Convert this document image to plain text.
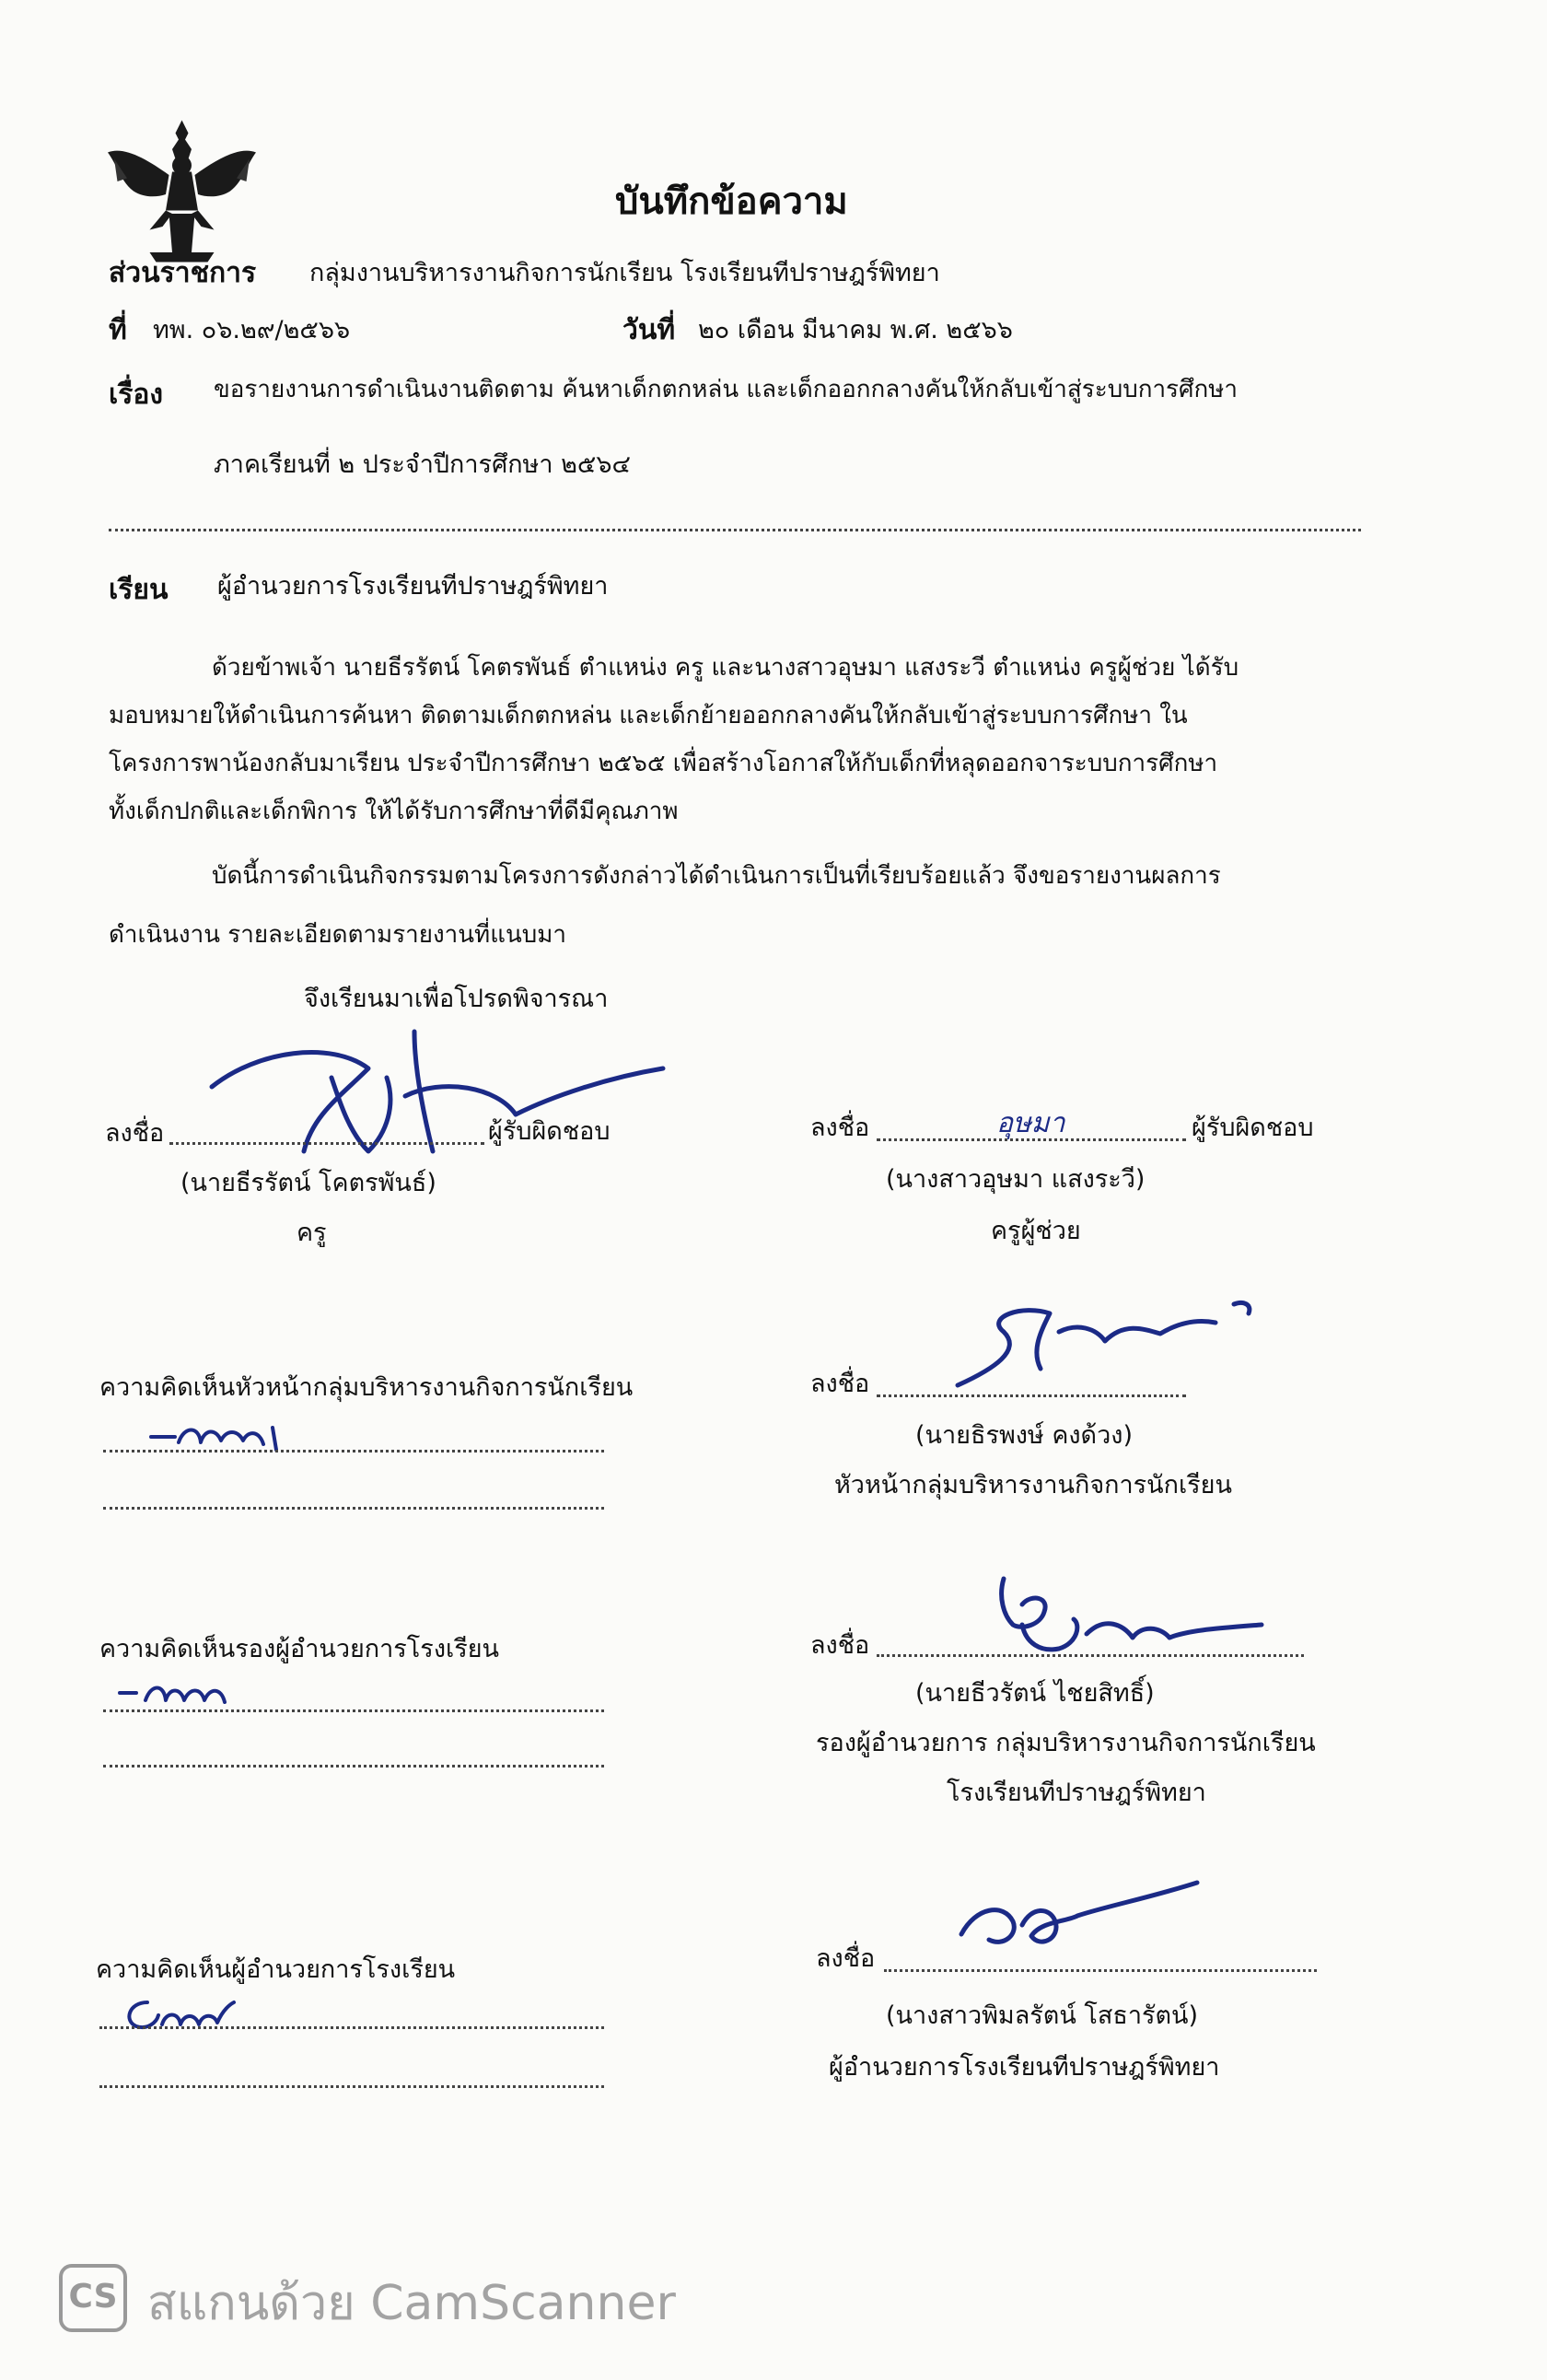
บันทึกข้อความ
ส่วนราชการ กลุ่มงานบริหารงานกิจการนักเรียน โรงเรียนทีปราษฎร์พิทยา
ที่ ทพ. ๐๖.๒๙/๒๕๖๖	วันที่ ๒๐ เดือน มีนาคม พ.ศ. ๒๕๖๖
เรื่อง ขอรายงานการดำเนินงานติดตาม ค้นหาเด็กตกหล่น และเด็กออกกลางคันให้กลับเข้าสู่ระบบการศึกษา
ภาคเรียนที่ ๒ ประจำปีการศึกษา ๒๕๖๔
เรียน ผู้อำนวยการโรงเรียนทีปราษฎร์พิทยา
ด้วยข้าพเจ้า นายธีรรัตน์ โคตรพันธ์ ตำแหน่ง ครู และนางสาวอุษมา แสงระวี ตำแหน่ง ครูผู้ช่วย ได้รับ
มอบหมายให้ดำเนินการค้นหา ติดตามเด็กตกหล่น และเด็กย้ายออกกลางคันให้กลับเข้าสู่ระบบการศึกษา ใน
โครงการพาน้องกลับมาเรียน ประจำปีการศึกษา ๒๕๖๕ เพื่อสร้างโอกาสให้กับเด็กที่หลุดออกจาระบบการศึกษา
ทั้งเด็กปกติและเด็กพิการ ให้ได้รับการศึกษาที่ดีมีคุณภาพ
บัดนี้การดำเนินกิจกรรมตามโครงการดังกล่าวได้ดำเนินการเป็นที่เรียบร้อยแล้ว จึงขอรายงานผลการ
ดำเนินงาน รายละเอียดตามรายงานที่แนบมา
จึงเรียนมาเพื่อโปรดพิจารณา
ลงชื่อ	ผู้รับผิดชอบ
(นายธีรรัตน์ โคตรพันธ์)
ครู
ลงชื่อ	อุษมา	ผู้รับผิดชอบ
(นางสาวอุษมา แสงระวี)
ครูผู้ช่วย
ความคิดเห็นหัวหน้ากลุ่มบริหารงานกิจการนักเรียน	ลงชื่อ
(นายธิรพงษ์ คงด้วง)
หัวหน้ากลุ่มบริหารงานกิจการนักเรียน
ความคิดเห็นรองผู้อำนวยการโรงเรียน	ลงชื่อ
(นายธีวรัตน์ ไชยสิทธิ์)
รองผู้อำนวยการ กลุ่มบริหารงานกิจการนักเรียน
โรงเรียนทีปราษฎร์พิทยา
ความคิดเห็นผู้อำนวยการโรงเรียน	ลงชื่อ
(นางสาวพิมลรัตน์ โสธารัตน์)
ผู้อำนวยการโรงเรียนทีปราษฎร์พิทยา
CS สแกนด้วย CamScanner
